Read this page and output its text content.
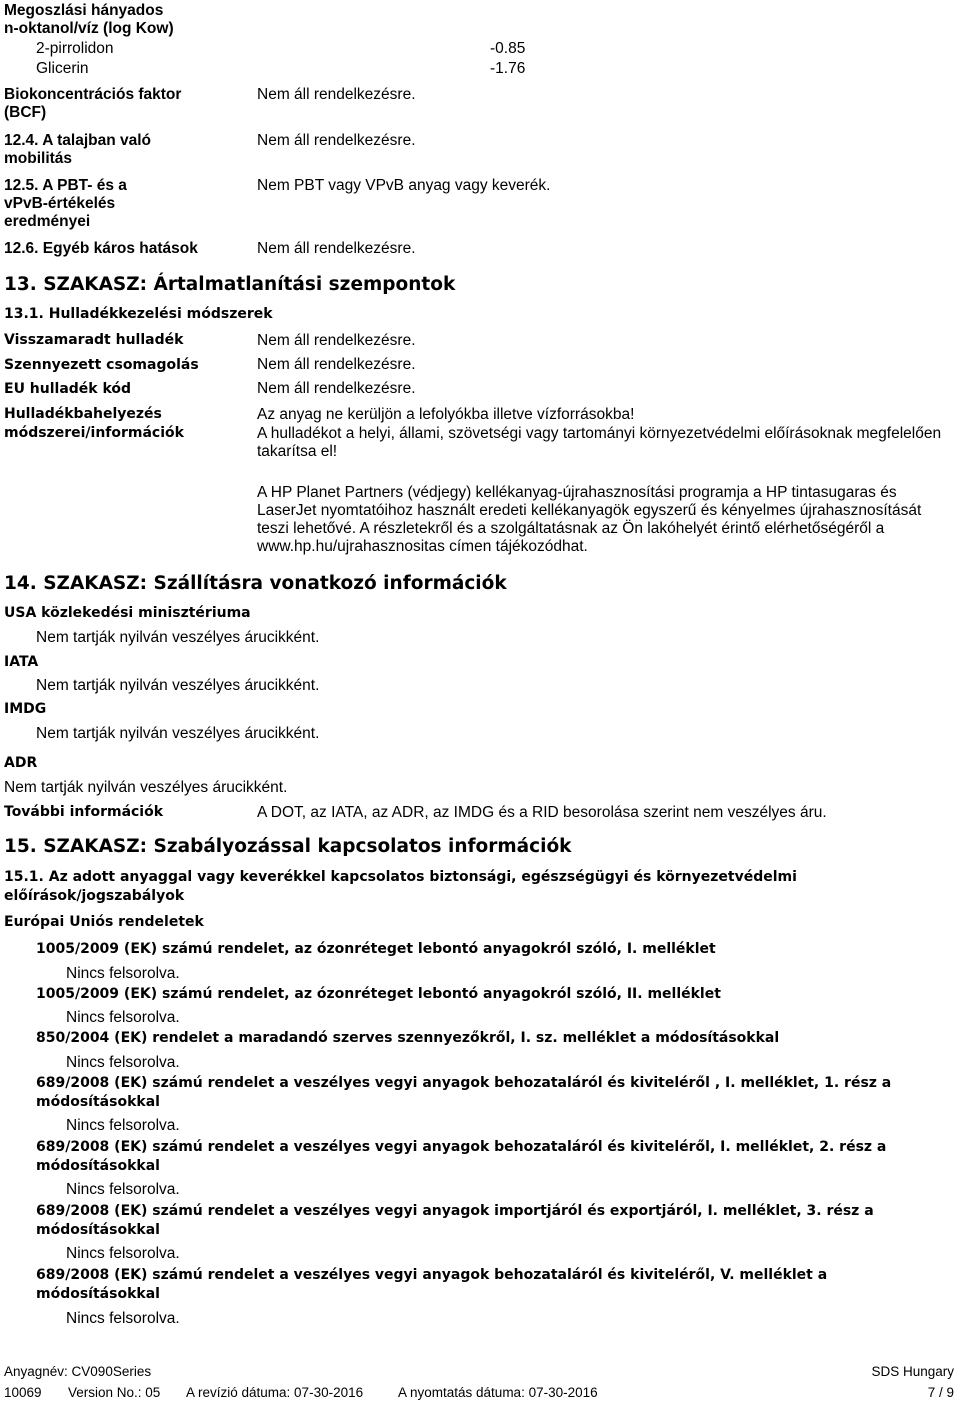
Megoszlási hányados
n-oktanol/víz (log Kow)
2-pirrolidon	-0.85
Glicerin	-1.76
Biokoncentrációs faktor
(BCF)
Nem áll rendelkezésre.
12.4. A talajban való
mobilitás
Nem áll rendelkezésre.
12.5. A PBT- és a
vPvB-értékelés
eredményei
Nem PBT vagy VPvB anyag vagy keverék.
12.6. Egyéb káros hatások	Nem áll rendelkezésre.
13. SZAKASZ: Ártalmatlanítási szempontok
13.1. Hulladékkezelési módszerek
Visszamaradt hulladék	Nem áll rendelkezésre.
Szennyezett csomagolás	Nem áll rendelkezésre.
EU hulladék kód	Nem áll rendelkezésre.
Hulladékbahelyezés
módszerei/információk
Az anyag ne kerüljön a lefolyókba illetve vízforrásokba!
A hulladékot a helyi, állami, szövetségi vagy tartományi környezetvédelmi előírásoknak megfelelően takarítsa el!
A HP Planet Partners (védjegy) kellékanyag-újrahasznosítási programja a HP tintasugaras és LaserJet nyomtatóihoz használt eredeti kellékanyagök egyszerű és kényelmes újrahasznosítását teszi lehetővé. A részletekről és a szolgáltatásnak az Ön lakóhelyét érintő elérhetőségéről a www.hp.hu/ujrahasznositas címen tájékozódhat.
14. SZAKASZ: Szállításra vonatkozó információk
USA közlekedési minisztériuma
Nem tartják nyilván veszélyes árucikként.
IATA
Nem tartják nyilván veszélyes árucikként.
IMDG
Nem tartják nyilván veszélyes árucikként.
ADR
Nem tartják nyilván veszélyes árucikként.
További információk	A DOT, az IATA, az ADR, az IMDG és a RID besorolása szerint nem veszélyes áru.
15. SZAKASZ: Szabályozással kapcsolatos információk
15.1. Az adott anyaggal vagy keverékkel kapcsolatos biztonsági, egészségügyi és környezetvédelmi előírások/jogszabályok
Európai Uniós rendeletek
1005/2009 (EK) számú rendelet, az ózonréteget lebontó anyagokról szóló, I. melléklet
Nincs felsorolva.
1005/2009 (EK) számú rendelet, az ózonréteget lebontó anyagokról szóló, II. melléklet
Nincs felsorolva.
850/2004 (EK) rendelet a maradandó szerves szennyezőkről, I. sz. melléklet a módosításokkal
Nincs felsorolva.
689/2008 (EK) számú rendelet a veszélyes vegyi anyagok behozataláról és kiviteléről , I. melléklet, 1. rész a módosításokkal
Nincs felsorolva.
689/2008 (EK) számú rendelet a veszélyes vegyi anyagok behozataláról és kiviteléről, I. melléklet, 2. rész a módosításokkal
Nincs felsorolva.
689/2008 (EK) számú rendelet a veszélyes vegyi anyagok importjáról és exportjáról, I. melléklet, 3. rész a módosításokkal
Nincs felsorolva.
689/2008 (EK) számú rendelet a veszélyes vegyi anyagok behozataláról és kiviteléről, V. melléklet a módosításokkal
Nincs felsorolva.
Anyagnév: CV090Series	SDS Hungary
10069 Version No.: 05 A revízió dátuma: 07-30-2016	A nyomtatás dátuma: 07-30-2016	7 / 9
